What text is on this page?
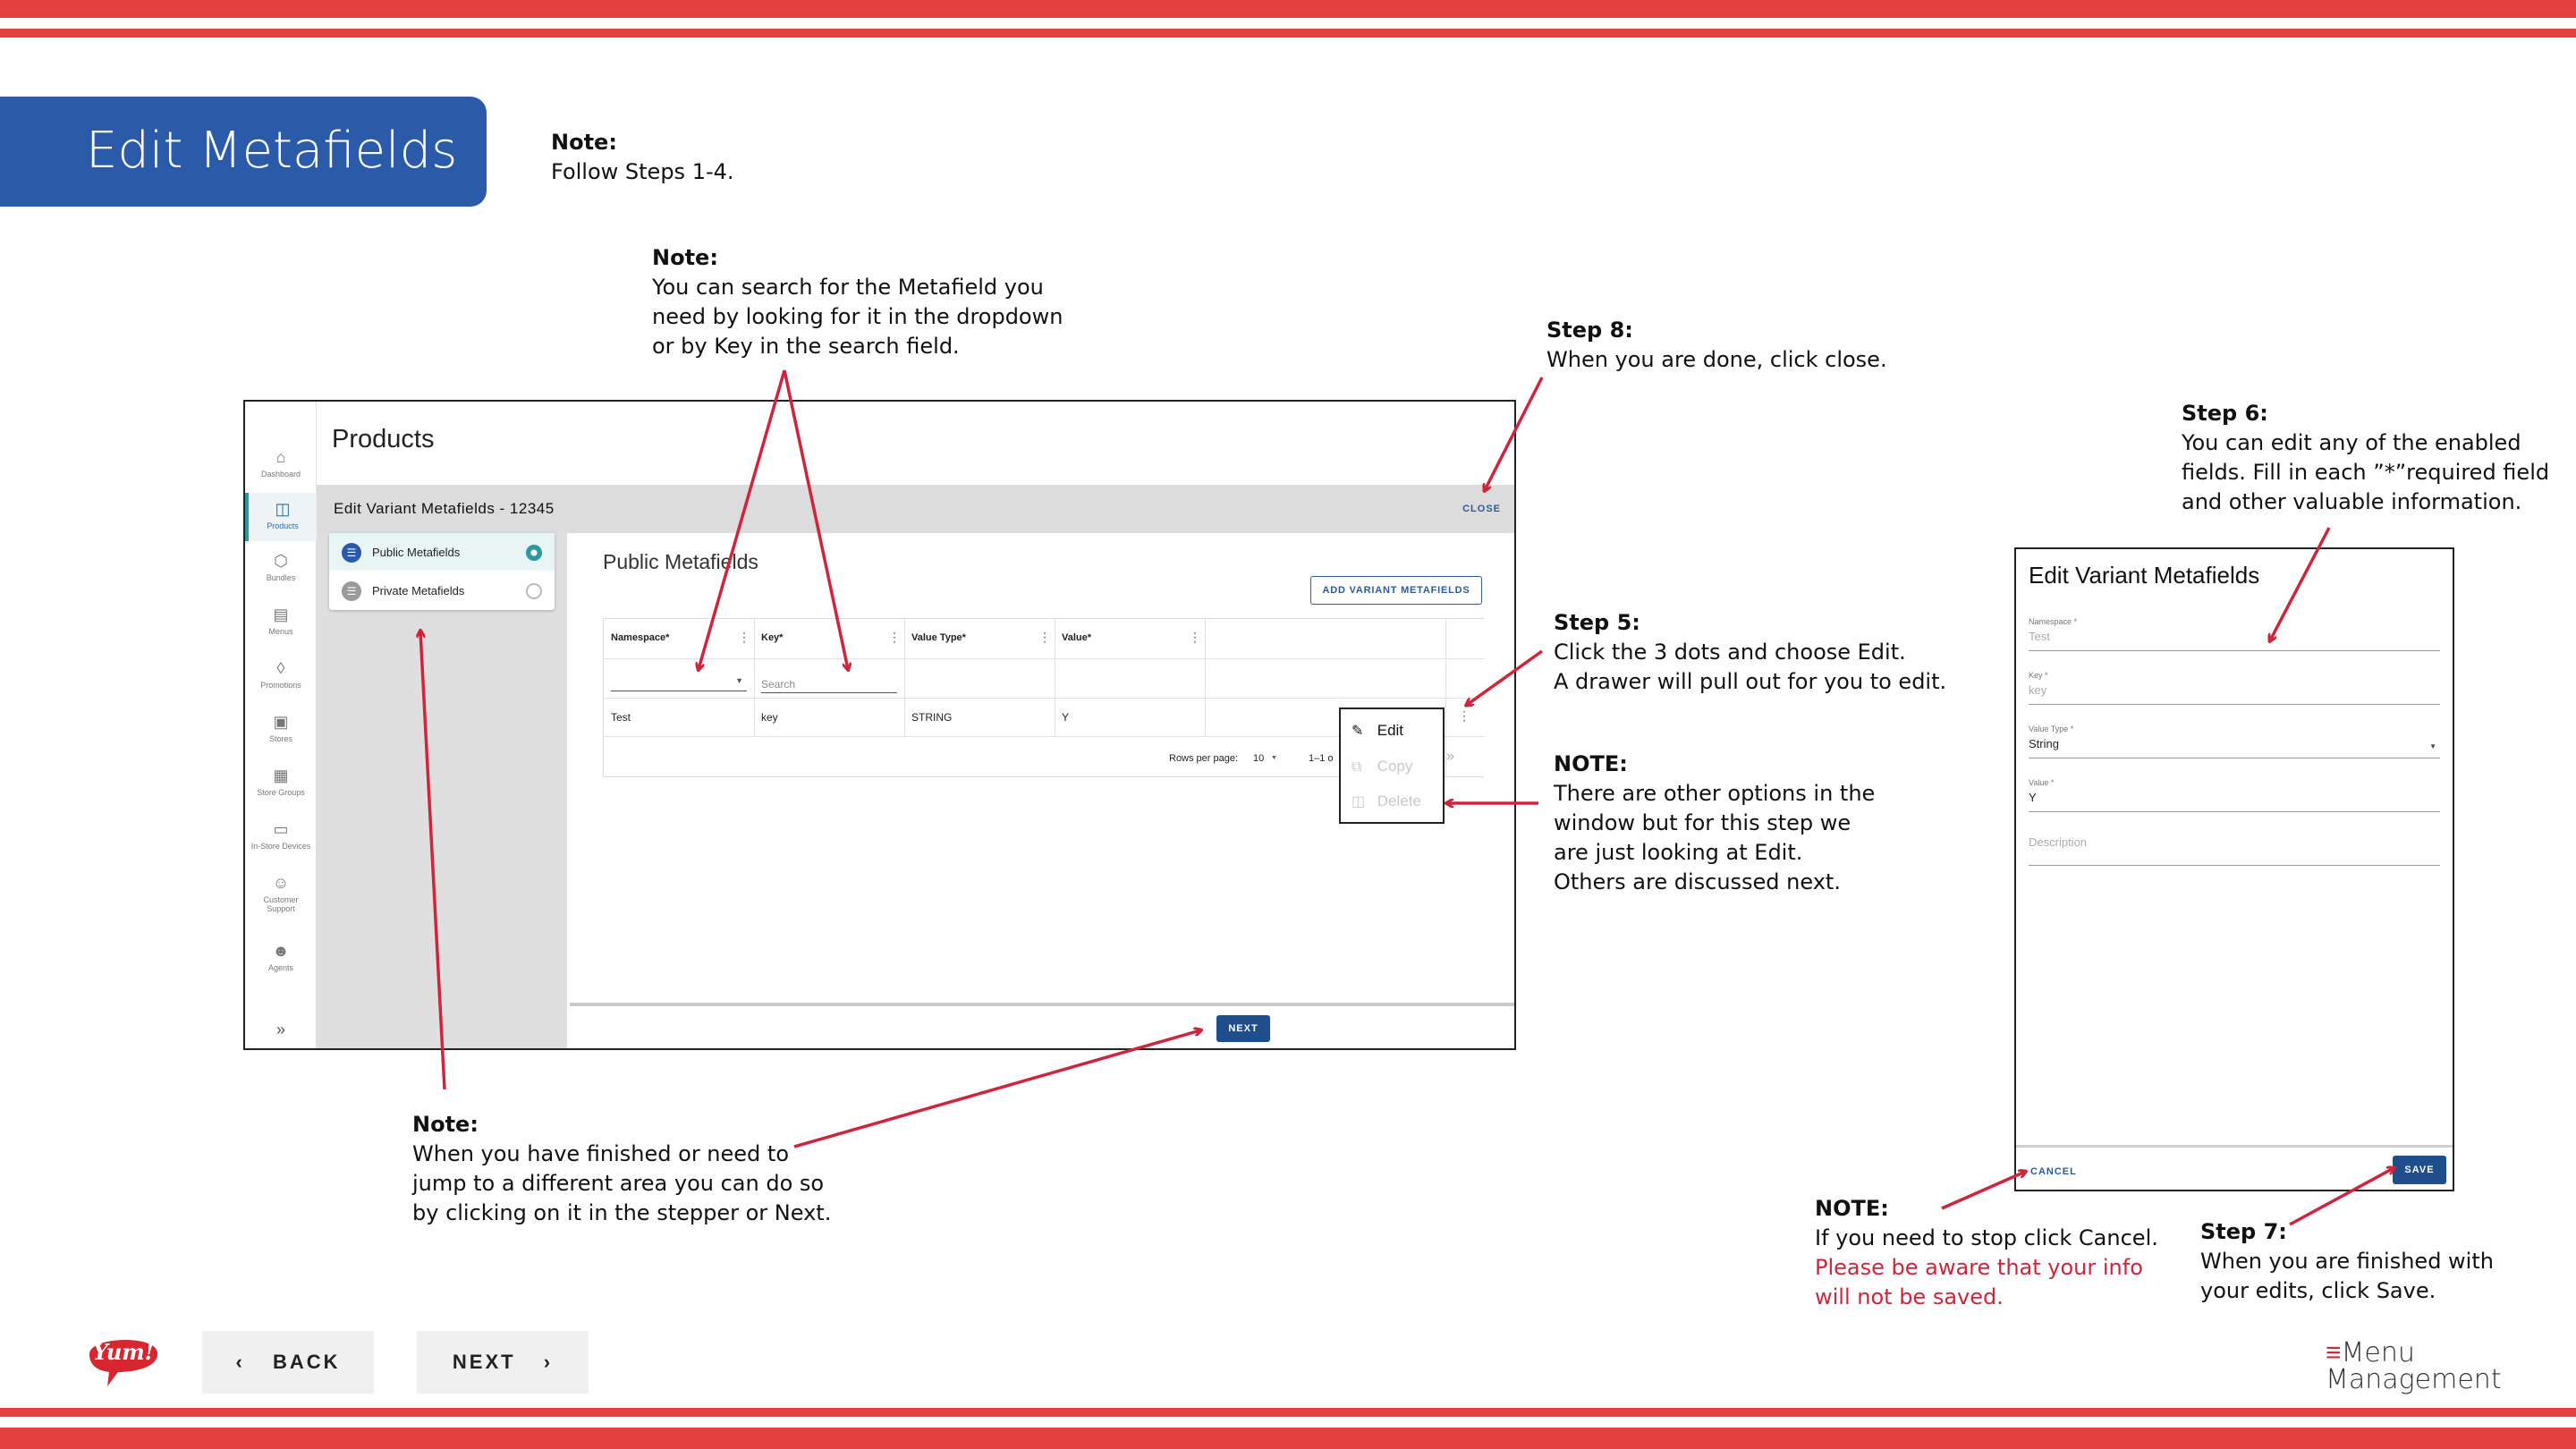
Edit Metafields	Note:
Follow Steps 1-4.
Note:
You can search for the Metafield you
need by looking for it in the dropdown
or by Key in the search field.
Step 8:
When you are done, click close.
Step 6:
You can edit any of the enabled
fields. Fill in each ”*”required field
and other valuable information.
Step 5:
Click the 3 dots and choose Edit.
A drawer will pull out for you to edit.
NOTE:
There are other options in the
window but for this step we
are just looking at Edit.
Others are discussed next.
Note:
When you have finished or need to
jump to a different area you can do so
by clicking on it in the stepper or Next.	NOTE:
If you need to stop click Cancel.
Please be aware that your info
will not be saved.
Step 7:
When you are finished with
your edits, click Save.
⌂
Dashboard
◫
Products
⬡
Bundles
▤
Menus
◊
Promotions
▣
Stores
▦
Store Groups
▭
In-Store Devices
☺
Customer Support
☻
Agents
»
Products
Edit Variant Metafields - 12345	CLOSE
☰	Public Metafields
☰	Private Metafields
Public Metafields
ADD VARIANT METAFIELDS
Namespace*	⋮ Key*	⋮ Value Type*	⋮ Value*	⋮
▼ Search
Test	key	STRING	Y	⋮
Rows per page: 10 ▼	1–1 o	»
✎ Edit
⧉ Copy
◫ Delete
NEXT
Edit Variant Metafields
Namespace *
Test
Key *
key
Value Type *
String	▼
Value *
Y
Description
CANCEL	SAVE
Yum!	‹ BACK	NEXT ›	≡Menu
Management
